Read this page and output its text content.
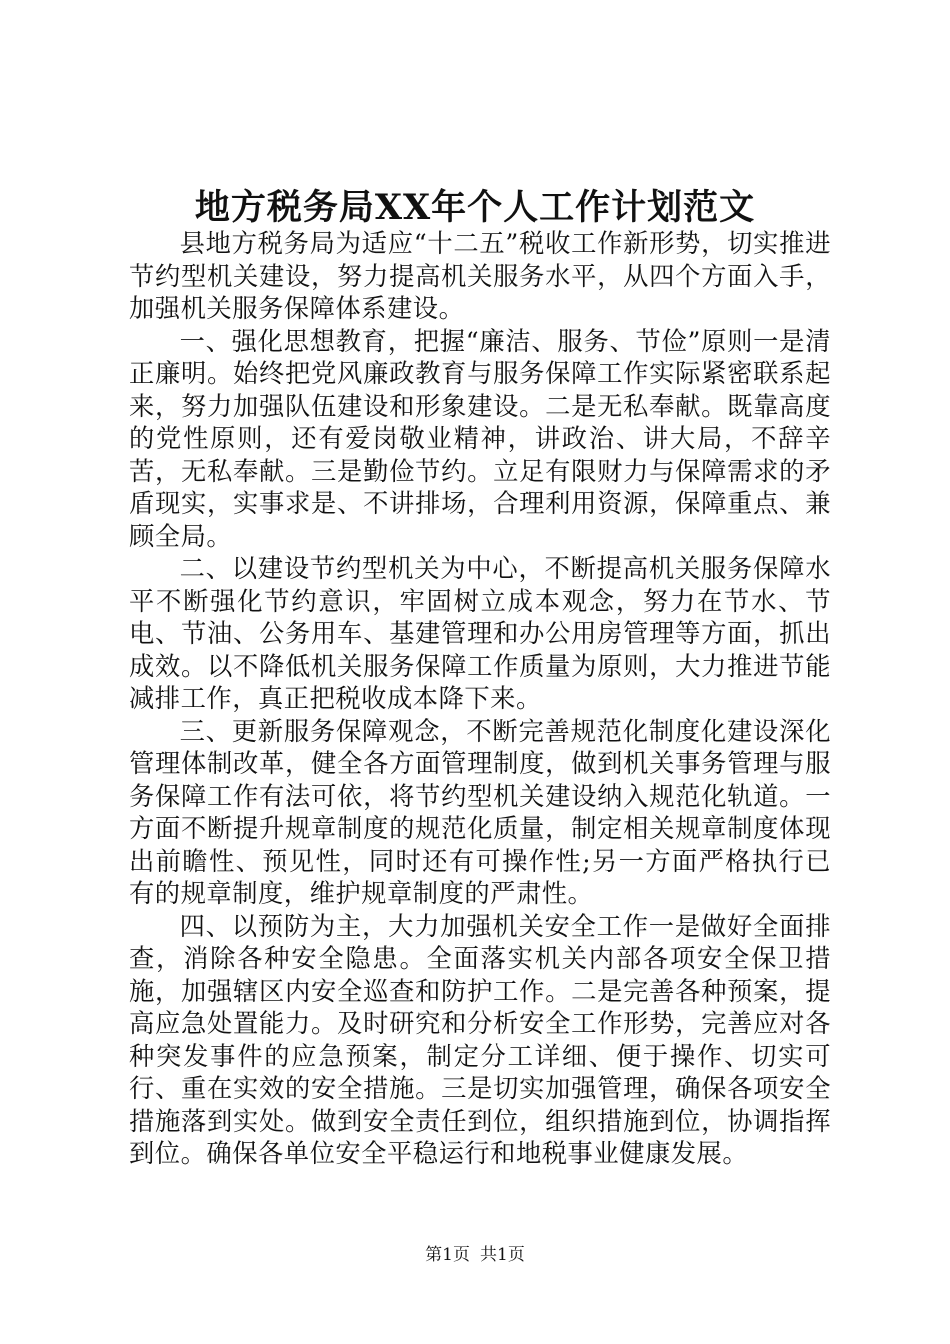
地方税务局XX年个人工作计划范文

县地方税务局为适应“十二五”税收工作新形势，切实推进节约型机关建设，努力提高机关服务水平，从四个方面入手，加强机关服务保障体系建设。

一、强化思想教育，把握“廉洁、服务、节俭”原则一是清正廉明。始终把党风廉政教育与服务保障工作实际紧密联系起来，努力加强队伍建设和形象建设。二是无私奉献。既靠高度的党性原则，还有爱岗敬业精神，讲政治、讲大局，不辞辛苦，无私奉献。三是勤俭节约。立足有限财力与保障需求的矛盾现实，实事求是、不讲排场，合理利用资源，保障重点、兼顾全局。

二、以建设节约型机关为中心，不断提高机关服务保障水平不断强化节约意识，牢固树立成本观念，努力在节水、节电、节油、公务用车、基建管理和办公用房管理等方面，抓出成效。以不降低机关服务保障工作质量为原则，大力推进节能减排工作，真正把税收成本降下来。

三、更新服务保障观念，不断完善规范化制度化建设深化管理体制改革，健全各方面管理制度，做到机关事务管理与服务保障工作有法可依，将节约型机关建设纳入规范化轨道。一方面不断提升规章制度的规范化质量，制定相关规章制度体现出前瞻性、预见性，同时还有可操作性;另一方面严格执行已有的规章制度，维护规章制度的严肃性。

四、以预防为主，大力加强机关安全工作一是做好全面排查，消除各种安全隐患。全面落实机关内部各项安全保卫措施，加强辖区内安全巡查和防护工作。二是完善各种预案，提高应急处置能力。及时研究和分析安全工作形势，完善应对各种突发事件的应急预案，制定分工详细、便于操作、切实可行、重在实效的安全措施。三是切实加强管理，确保各项安全措施落到实处。做到安全责任到位，组织措施到位，协调指挥到位。确保各单位安全平稳运行和地税事业健康发展。

第1页 共1页
